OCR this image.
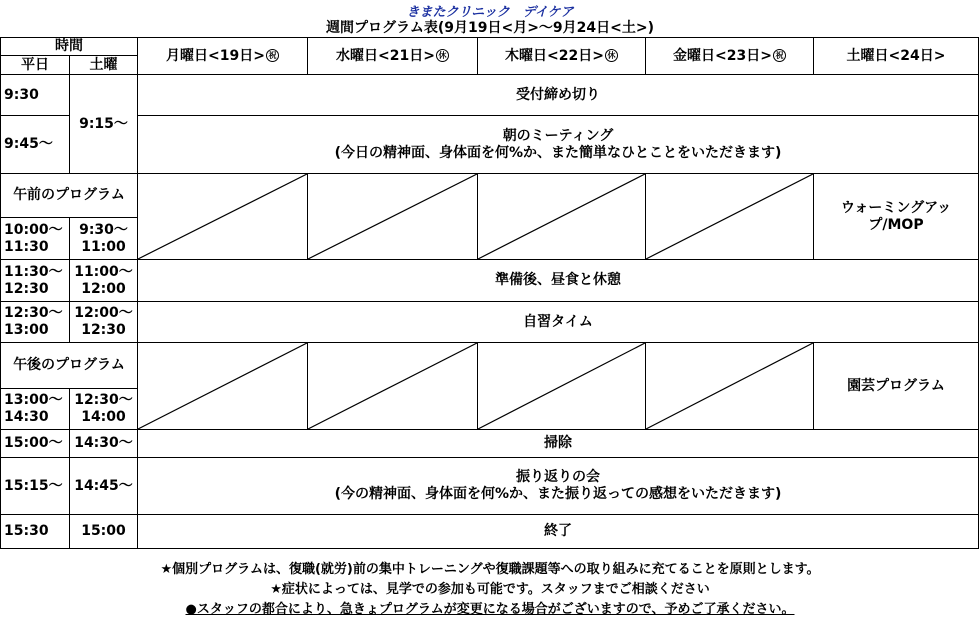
きまたクリニック　デイケア
週間プログラム表(9月19日<月>～9月24日<土>)
時間		月曜日<19日> 祝	水曜日<21日> 休	木曜日<22日> 休	金曜日<23日> 祝	土曜日<24日>
平日	土曜					
9:30	9:15～	受付締め切り				
9:45～		朝のミーティング
(今日の精神面、身体面を何%か、また簡単なひとことをいただきます)				

午前のプログラム						ウォーミングアップ/MOP
10:00～11:30	9:30～11:00					
11:30～12:30	11:00～12:00	準備後、昼食と休憩				
12:30～13:00	12:00～12:30	自習タイム				
午後のプログラム						園芸プログラム
13:00～14:30	12:30～14:00					
15:00～	14:30～	掃除				
15:15～	14:45～	振り返りの会
(今の精神面、身体面を何%か、また振り返っての感想をいただきます)				

15:30	15:00	終了				
★個別プログラムは、復職(就労)前の集中トレーニングや復職課題等への取り組みに充てることを原則とします。
★症状によっては、見学での参加も可能です。スタッフまでご相談ください
●スタッフの都合により、急きょプログラムが変更になる場合がございますので、予めご了承ください。
